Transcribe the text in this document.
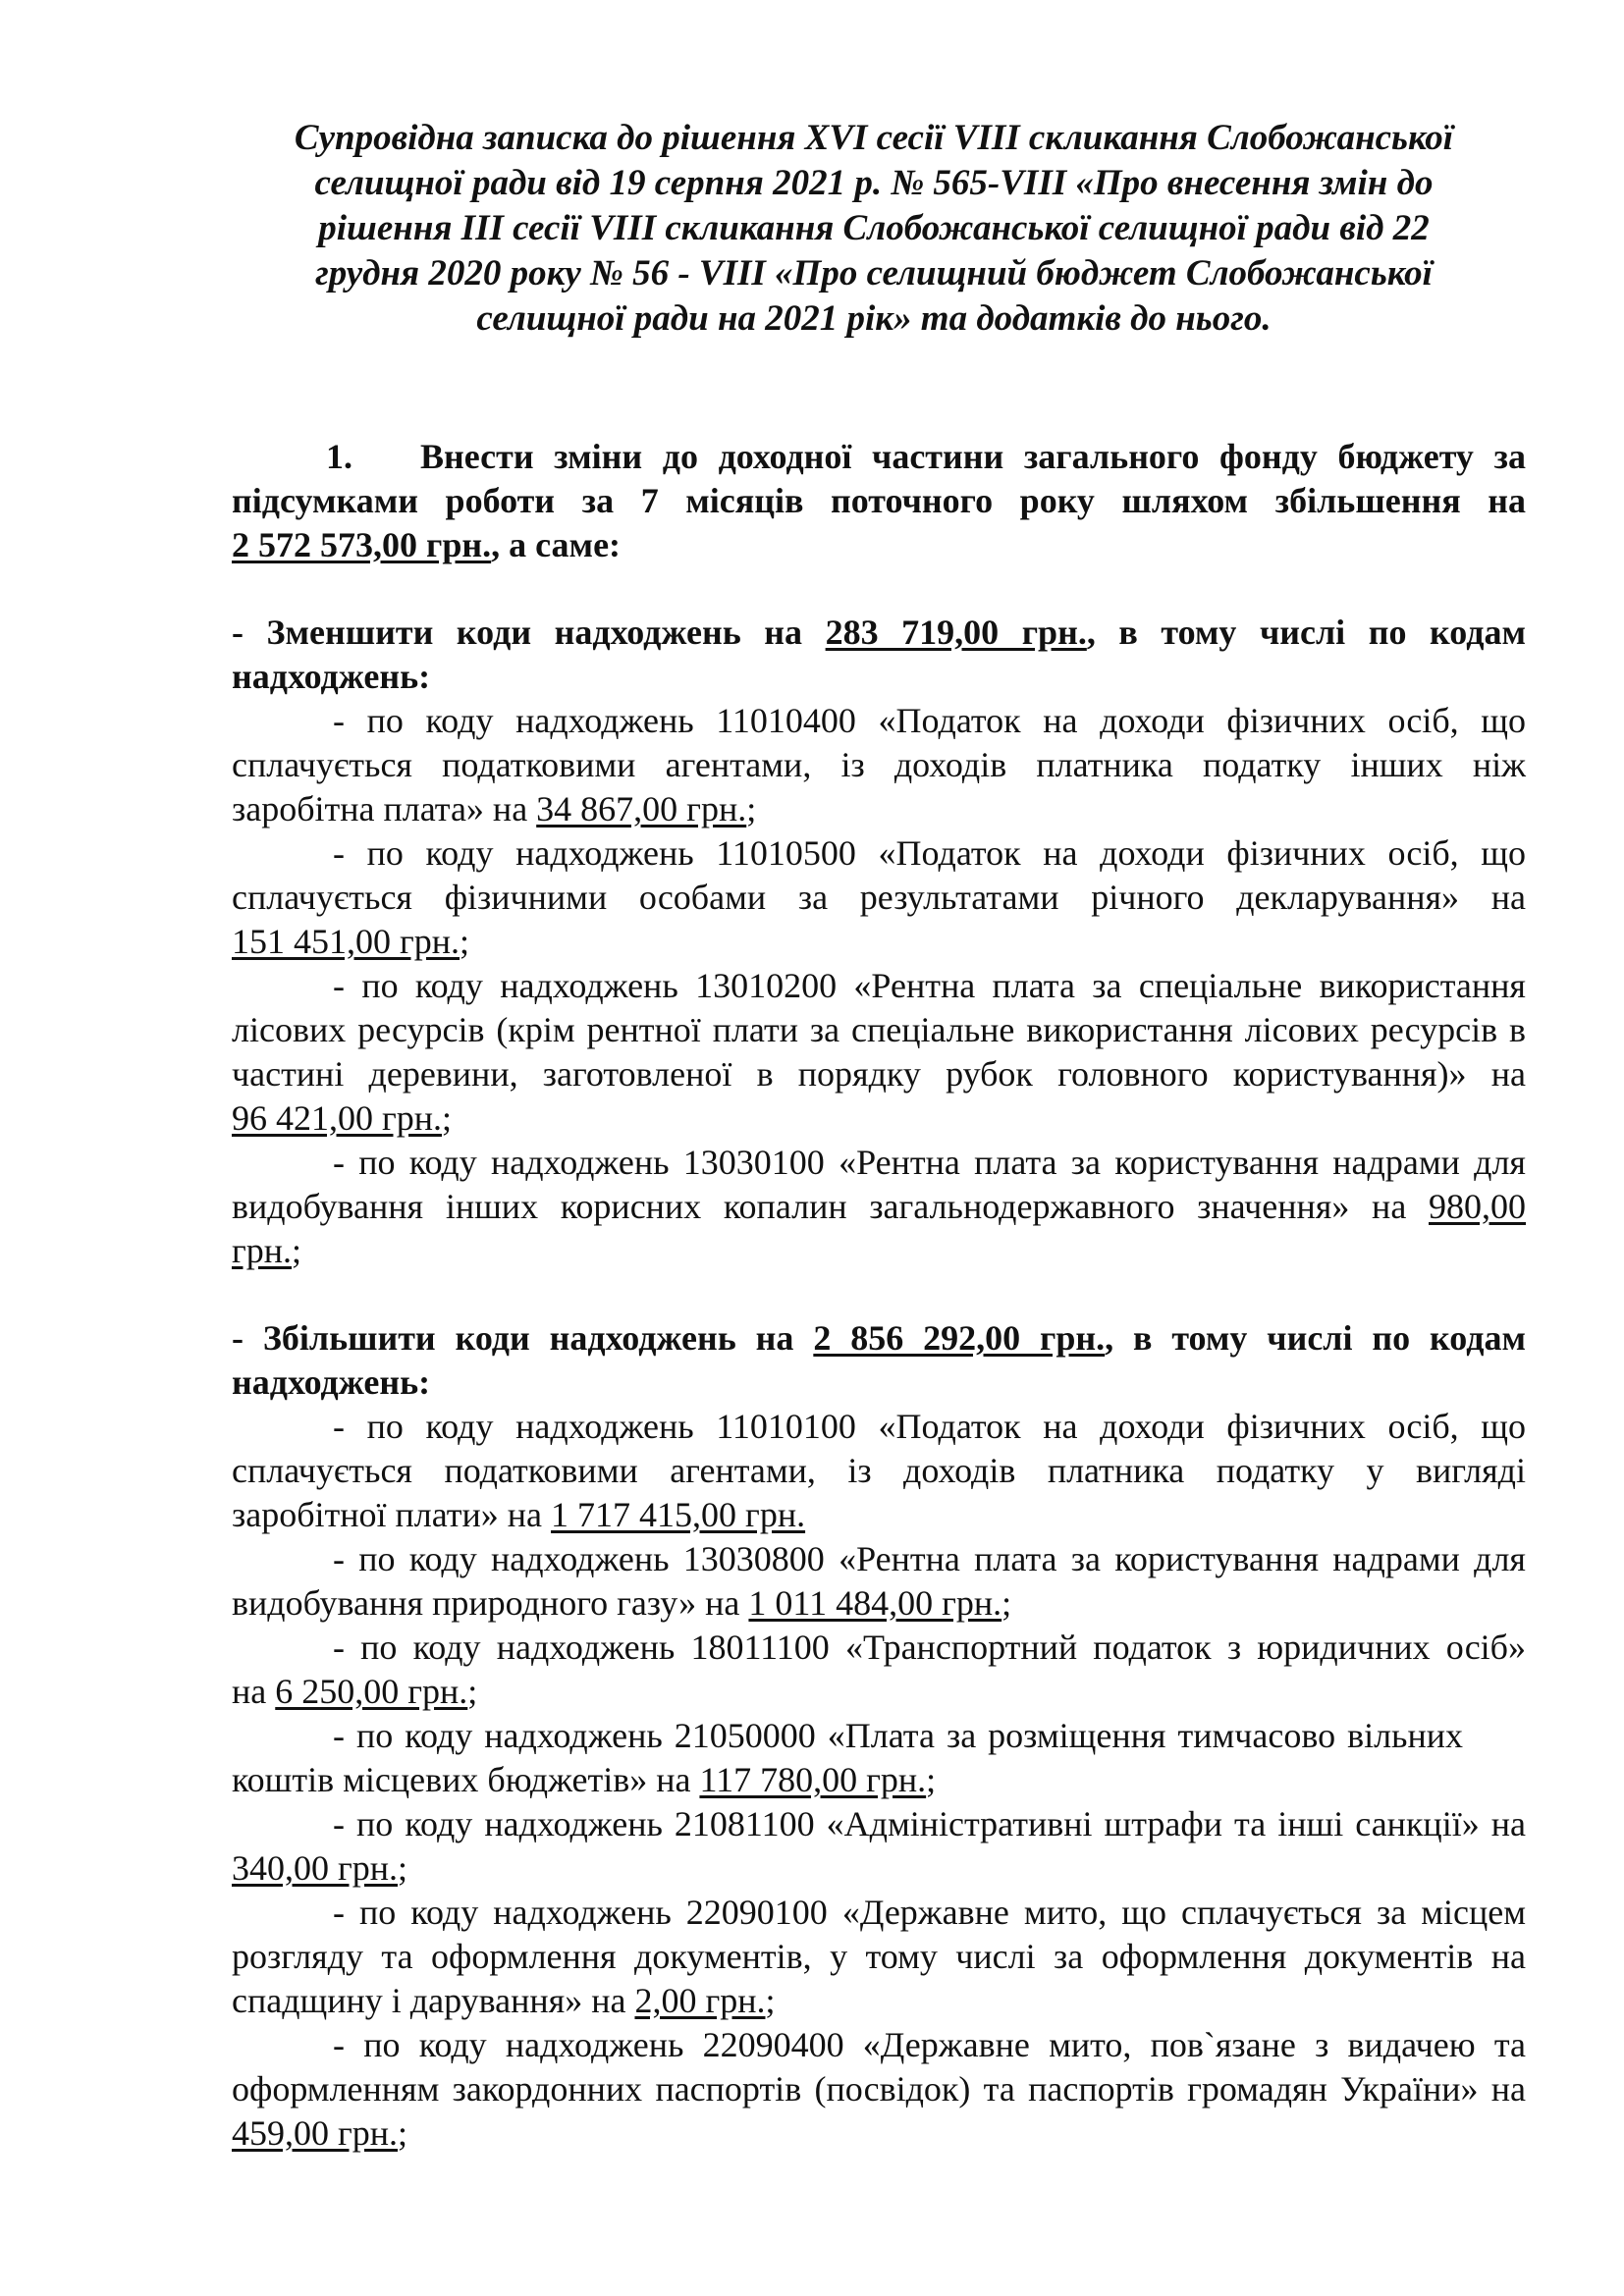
Супровідна записка до рішення XVI сесії VIII скликання Слобожанської
селищної ради від 19 серпня 2021 р. № 565-VIII «Про внесення змін до
рішення III сесії VIII скликання Слобожанської селищної ради від 22
грудня 2020 року № 56 - VIII «Про селищний бюджет Слобожанської
селищної ради на 2021 рік» та додатків до нього.
1. Внести зміни до доходної частини загального фонду бюджету за
підсумками роботи за 7 місяців поточного року шляхом збільшення на
2 572 573,00 грн., а саме:
- Зменшити коди надходжень на 283 719,00 грн., в тому числі по кодам
надходжень:
- по коду надходжень 11010400 «Податок на доходи фізичних осіб, що
сплачується податковими агентами, із доходів платника податку інших ніж
заробітна плата» на 34 867,00 грн.;
- по коду надходжень 11010500 «Податок на доходи фізичних осіб, що
сплачується фізичними особами за результатами річного декларування» на
151 451,00 грн.;
- по коду надходжень 13010200 «Рентна плата за спеціальне використання
лісових ресурсів (крім рентної плати за спеціальне використання лісових ресурсів в
частині деревини, заготовленої в порядку рубок головного користування)» на
96 421,00 грн.;
- по коду надходжень 13030100 «Рентна плата за користування надрами для
видобування інших корисних копалин загальнодержавного значення» на 980,00
грн.;
- Збільшити коди надходжень на 2 856 292,00 грн., в тому числі по кодам
надходжень:
- по коду надходжень 11010100 «Податок на доходи фізичних осіб, що
сплачується податковими агентами, із доходів платника податку у вигляді
заробітної плати» на 1 717 415,00 грн.
- по коду надходжень 13030800 «Рентна плата за користування надрами для
видобування природного газу» на 1 011 484,00 грн.;
- по коду надходжень 18011100 «Транспортний податок з юридичних осіб»
на 6 250,00 грн.;
- по коду надходжень 21050000 «Плата за розміщення тимчасово вільних
коштів місцевих бюджетів» на 117 780,00 грн.;
- по коду надходжень 21081100 «Адміністративні штрафи та інші санкції» на
340,00 грн.;
- по коду надходжень 22090100 «Державне мито, що сплачується за місцем
розгляду та оформлення документів, у тому числі за оформлення документів на
спадщину і дарування» на 2,00 грн.;
- по коду надходжень 22090400 «Державне мито, пов`язане з видачею та
оформленням закордонних паспортів (посвідок) та паспортів громадян України» на
459,00 грн.;
